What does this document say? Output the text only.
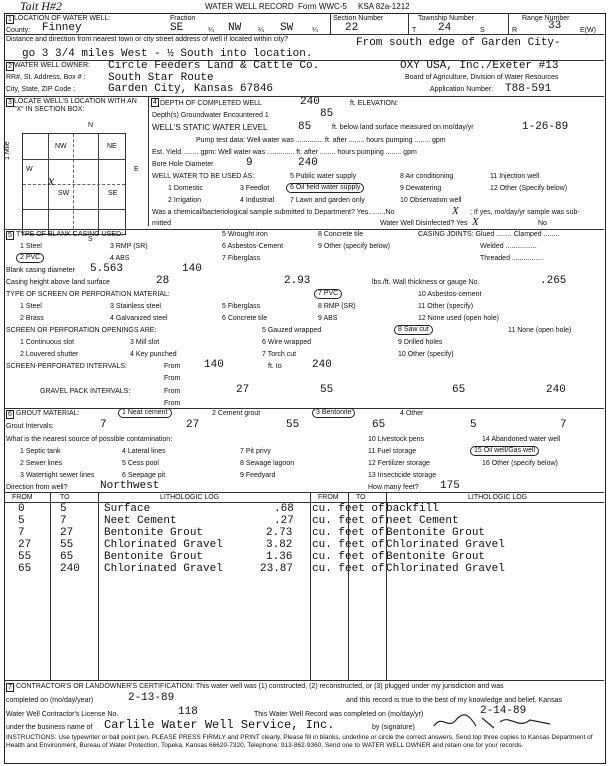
Tait H#2	WATER WELL RECORD Form WWC-5 KSA 82a-1212
1 LOCATION OF WATER WELL:
County: Finney
Fraction
SE	¼ NW ¼ SW	¼
Section Number
22
Township Number
T 24	S
Range Number
R	33	E(W)
Distance and direction from nearest town or city street address of well if located within city?	From south edge of Garden City-
go 3 3/4 miles West - ½ South into location.
2 WATER WELL OWNER: Circle Feeders Land & Cattle Co.	OXY USA, Inc./Exeter #13
RR#, St. Address, Box # : South Star Route	Board of Agriculture, Division of Water Resources
City, State, ZIP Code :	Garden City, Kansas 67846	Application Number: T88-591
3 LOCATE WELL'S LOCATION WITH AN "X" IN SECTION BOX:
N
NW	NE
SW	SE
W	E
S
x
1 Mile
4 DEPTH OF COMPLETED WELL	240	ft. ELEVATION:
Depth(s) Groundwater Encountered 1	85
WELL'S STATIC WATER LEVEL	85	ft. below land surface measured on mo/day/yr	1-26-89
Pump test data: Well water was .............. ft. after ........ hours pumping ........ gpm
Est. Yield ........ gpm: Well water was .............. ft. after ........ hours pumping ........ gpm
Bore Hole Diameter	9	240
WELL WATER TO BE USED AS:
1 Domestic
2 Irrigation
3 Feedlot
4 Industrial
5 Public water supply
6 Oil field water supply
7 Lawn and garden only
8 Air conditioning
9 Dewatering
10 Observation well
11 Injection well
12 Other (Specify below)
Was a chemical/bacteriological sample submitted to Department? Yes.........No	X ; If yes, mo/day/yr sample was sub-
mitted	Water Well Disinfected? Yes X	No
5 TYPE OF BLANK CASING USED:
1 Steel
2 PVC
3 RMP (SR)
4 ABS
5 Wrought iron
6 Asbestos-Cement
7 Fiberglass
8 Concrete tile
9 Other (specify below)
CASING JOINTS: Glued ........ Clamped ........
Welded ................
Threaded ................
Blank casing diameter 5.563	140
Casing height above land surface	28	2.93	lbs./ft. Wall thickness or gauge No.	.265
TYPE OF SCREEN OR PERFORATION MATERIAL:
1 Steel
2 Brass
3 Stainless steel
4 Galvanized steel
5 Fiberglass
6 Concrete tile
7 PVC
8 RMP (SR)
9 ABS
10 Asbestos-cement
11 Other (specify)
12 None used (open hole)
SCREEN OR PERFORATION OPENINGS ARE:
1 Continuous slot
2 Louvered shutter
3 Mill slot
4 Key punched
5 Gauzed wrapped
6 Wire wrapped
7 Torch cut
8 Saw cut
9 Drilled holes
10 Other (specify)
11 None (open hole)
SCREEN-PERFORATED INTERVALS:	From 140	ft. to	240
From
GRAVEL PACK INTERVALS:	From	27	55	65	240
From
6 GROUT MATERIAL:	1 Neat cement	2 Cement grout	3 Bentonite	4 Other
Grout Intervals:	7	27	55	65	5	7
What is the nearest source of possible contamination:
1 Septic tank
2 Sewer lines
3 Watertight sewer lines
4 Lateral lines
5 Cess pool
6 Seepage pit
7 Pit privy
8 Sewage lagoon
9 Feedyard
10 Livestock pens
11 Fuel storage
12 Fertilizer storage
13 Insecticide storage
14 Abandoned water well
15 Oil well/Gas well
16 Other (specify below)
Direction from well?	Northwest	How many feet? 175
FROM	TO	LITHOLOGIC LOG	FROM TO	LITHOLOGIC LOG
0	5	Surface	.68 cu. feet of backfill
5	7	Neet Cement	.27 cu. feet of neet Cement
7	27	Bentonite Grout	2.73 cu. feet of Bentonite Grout
27	55	Chlorinated Gravel	3.82 cu. feet of Chlorinated Gravel
55	65	Bentonite Grout	1.36 cu. feet of Bentonite Grout
65	240 Chlorinated Gravel	23.87 cu. feet of Chlorinated Gravel
7 CONTRACTOR'S OR LANDOWNER'S CERTIFICATION: This water well was (1) constructed, (2) reconstructed, or (3) plugged under my jurisdiction and was
completed on (mo/day/year)	2-13-89	and this record is true to the best of my knowledge and belief. Kansas
Water Well Contractor's License No.	118	This Water Well Record was completed on (mo/day/yr)	2-14-89
under the business name of Carlile Water Well Service, Inc.	by (signature)
INSTRUCTIONS: Use typewriter or ball point pen. PLEASE PRESS FIRMLY and PRINT clearly. Please fill in blanks, underline or circle the correct answers. Send top three copies to Kansas Department of Health and Environment, Bureau of Water Protection, Topeka, Kansas 66620-7320, Telephone: 913-862-9360. Send one to WATER WELL OWNER and retain one for your records.
